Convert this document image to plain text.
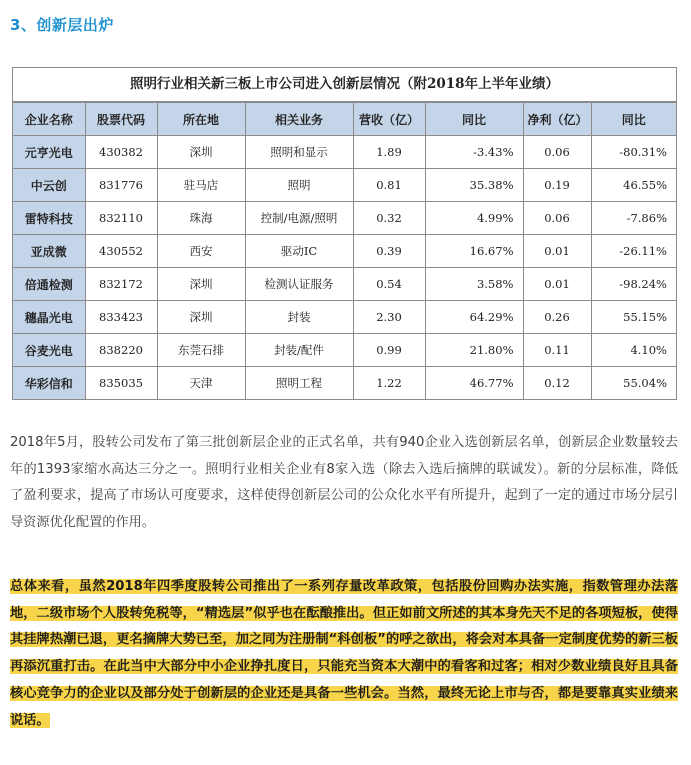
3、创新层出炉
照明行业相关新三板上市公司进入创新层情况（附2018年上半年业绩）
企业名称	股票代码	所在地	相关业务	营收（亿）	同比	净利（亿）	同比
元亨光电	430382	深圳	照明和显示	1.89	-3.43%	0.06	-80.31%
中云创	831776	驻马店	照明	0.81	35.38%	0.19	46.55%
雷特科技	832110	珠海	控制/电源/照明	0.32	4.99%	0.06	-7.86%
亚成微	430552	西安	驱动IC	0.39	16.67%	0.01	-26.11%
倍通检测	832172	深圳	检测认证服务	0.54	3.58%	0.01	-98.24%
穗晶光电	833423	深圳	封装	2.30	64.29%	0.26	55.15%
谷麦光电	838220	东莞石排	封装/配件	0.99	21.80%	0.11	4.10%
华彩信和	835035	天津	照明工程	1.22	46.77%	0.12	55.04%

2018年5月，股转公司发布了第三批创新层企业的正式名单，共有940企业入选创新层名单，创新层企业数量较去年的1393家缩水高达三分之一。照明行业相关企业有8家入选（除去入选后摘牌的联诚发）。新的分层标准，降低了盈利要求，提高了市场认可度要求，这样使得创新层公司的公众化水平有所提升，起到了一定的通过市场分层引导资源优化配置的作用。

总体来看，虽然2018年四季度股转公司推出了一系列存量改革政策，包括股份回购办法实施，指数管理办法落地，二级市场个人股转免税等，“精选层”似乎也在酝酿推出。但正如前文所述的其本身先天不足的各项短板，使得其挂牌热潮已退，更名摘牌大势已至，加之同为注册制“科创板”的呼之欲出，将会对本具备一定制度优势的新三板再添沉重打击。在此当中大部分中小企业挣扎度日，只能充当资本大潮中的看客和过客；相对少数业绩良好且具备核心竞争力的企业以及部分处于创新层的企业还是具备一些机会。当然，最终无论上市与否，都是要靠真实业绩来说话。
